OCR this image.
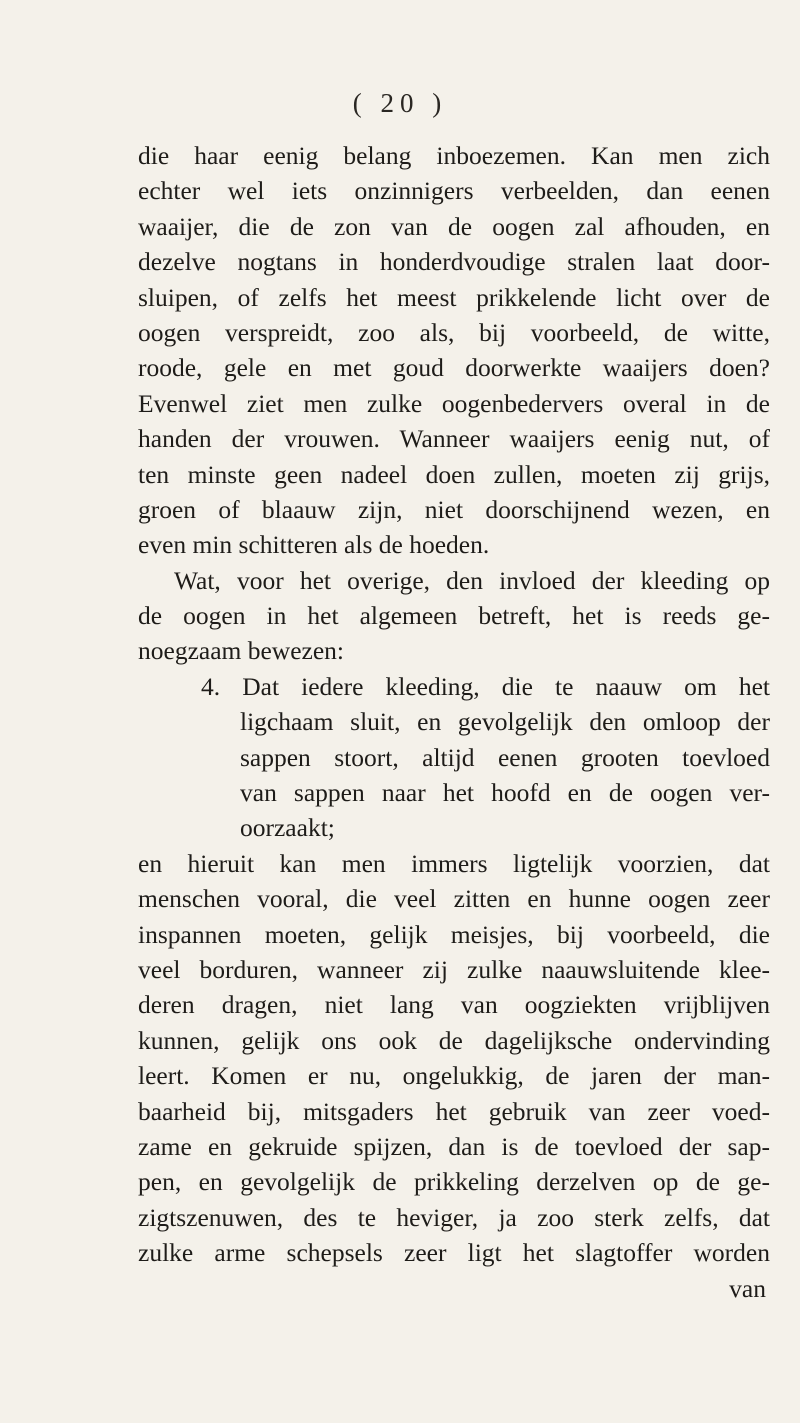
( 20 )
die haar eenig belang inboezemen. Kan men zich
echter wel iets onzinnigers verbeelden, dan eenen
waaijer, die de zon van de oogen zal afhouden, en
dezelve nogtans in honderdvoudige stralen laat door-
sluipen, of zelfs het meest prikkelende licht over de
oogen verspreidt, zoo als, bij voorbeeld, de witte,
roode, gele en met goud doorwerkte waaijers doen?
Evenwel ziet men zulke oogenbedervers overal in de
handen der vrouwen. Wanneer waaijers eenig nut, of
ten minste geen nadeel doen zullen, moeten zij grijs,
groen of blaauw zijn, niet doorschijnend wezen, en
even min schitteren als de hoeden.
Wat, voor het overige, den invloed der kleeding op
de oogen in het algemeen betreft, het is reeds ge-
noegzaam bewezen:
4. Dat iedere kleeding, die te naauw om het
ligchaam sluit, en gevolgelijk den omloop der
sappen stoort, altijd eenen grooten toevloed
van sappen naar het hoofd en de oogen ver-
oorzaakt;
en hieruit kan men immers ligtelijk voorzien, dat
menschen vooral, die veel zitten en hunne oogen zeer
inspannen moeten, gelijk meisjes, bij voorbeeld, die
veel borduren, wanneer zij zulke naauwsluitende klee-
deren dragen, niet lang van oogziekten vrijblijven
kunnen, gelijk ons ook de dagelijksche ondervinding
leert. Komen er nu, ongelukkig, de jaren der man-
baarheid bij, mitsgaders het gebruik van zeer voed-
zame en gekruide spijzen, dan is de toevloed der sap-
pen, en gevolgelijk de prikkeling derzelven op de ge-
zigtszenuwen, des te heviger, ja zoo sterk zelfs, dat
zulke arme schepsels zeer ligt het slagtoffer worden
van
